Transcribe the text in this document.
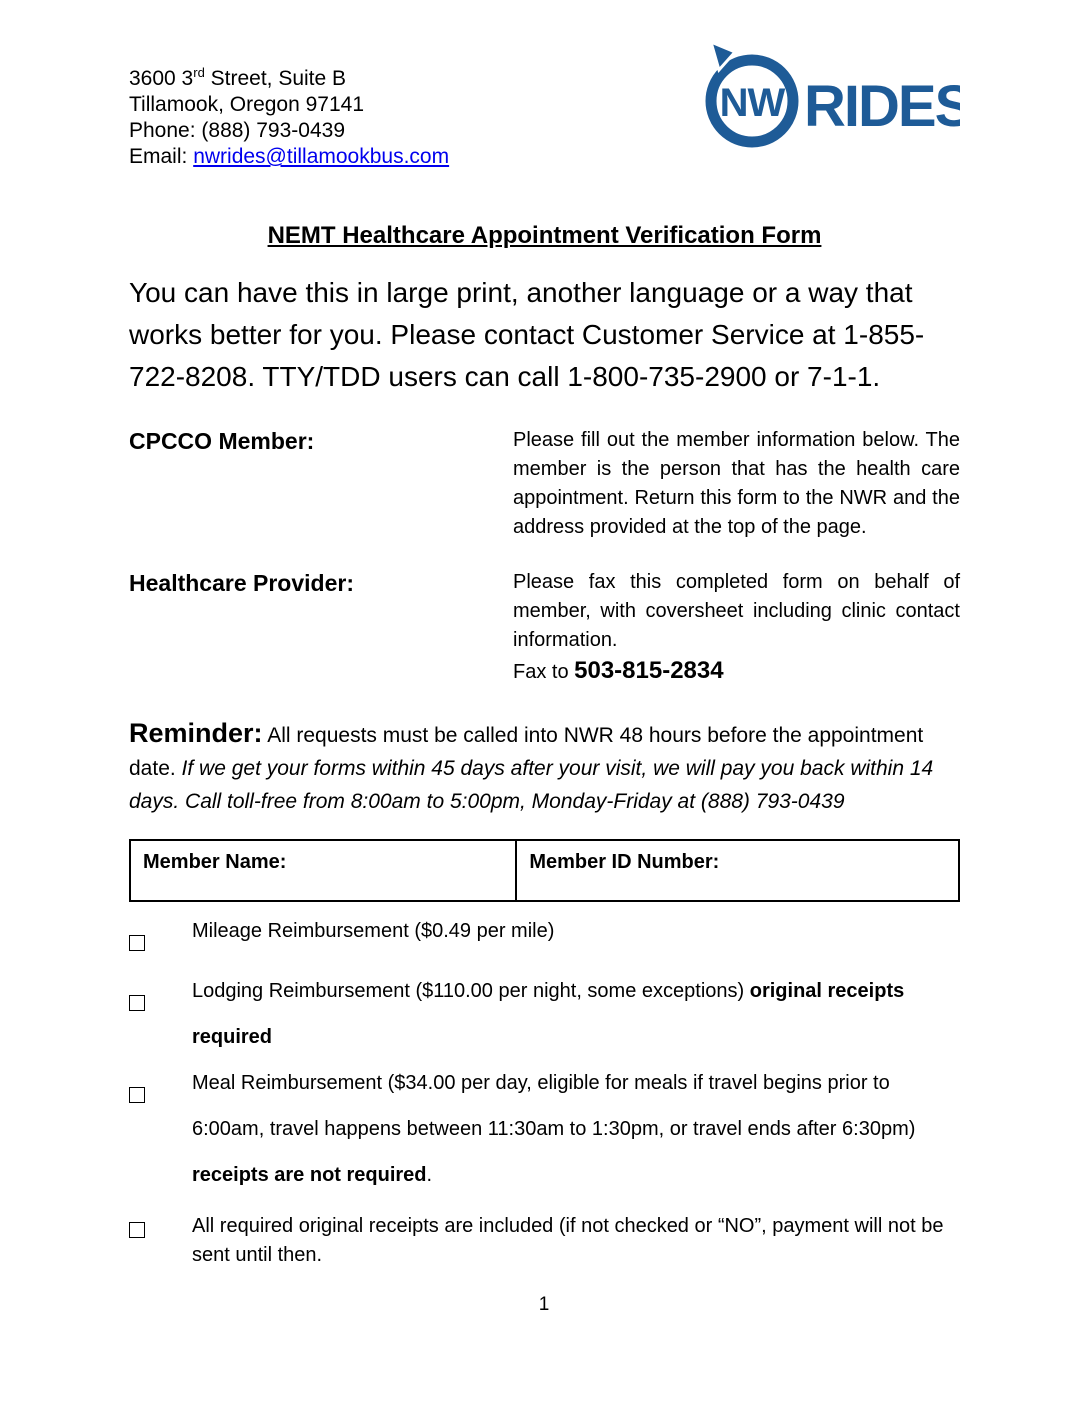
3600 3rd Street, Suite B
Tillamook, Oregon 97141
Phone: (888) 793-0439
Email: nwrides@tillamookbus.com
NW RIDES
NEMT Healthcare Appointment Verification Form

You can have this in large print, another language or a way that works better for you. Please contact Customer Service at 1-855-722-8208. TTY/TDD users can call 1-800-735-2900 or 7-1-1.

CPCCO Member:	Please fill out the member information below. The member is the person that has the health care appointment. Return this form to the NWR and the address provided at the top of the page.
Healthcare Provider:	Please fax this completed form on behalf of member, with coversheet including clinic contact information.
Fax to 503-815-2834

Reminder: All requests must be called into NWR 48 hours before the appointment date. If we get your forms within 45 days after your visit, we will pay you back within 14 days. Call toll-free from 8:00am to 5:00pm, Monday-Friday at (888) 793-0439

Member Name:	Member ID Number:
Mileage Reimbursement ($0.49 per mile)
Lodging Reimbursement ($110.00 per night, some exceptions) original receipts required
Meal Reimbursement ($34.00 per day, eligible for meals if travel begins prior to 6:00am, travel happens between 11:30am to 1:30pm, or travel ends after 6:30pm) receipts are not required.
All required original receipts are included (if not checked or “NO”, payment will not be sent until then.
1
